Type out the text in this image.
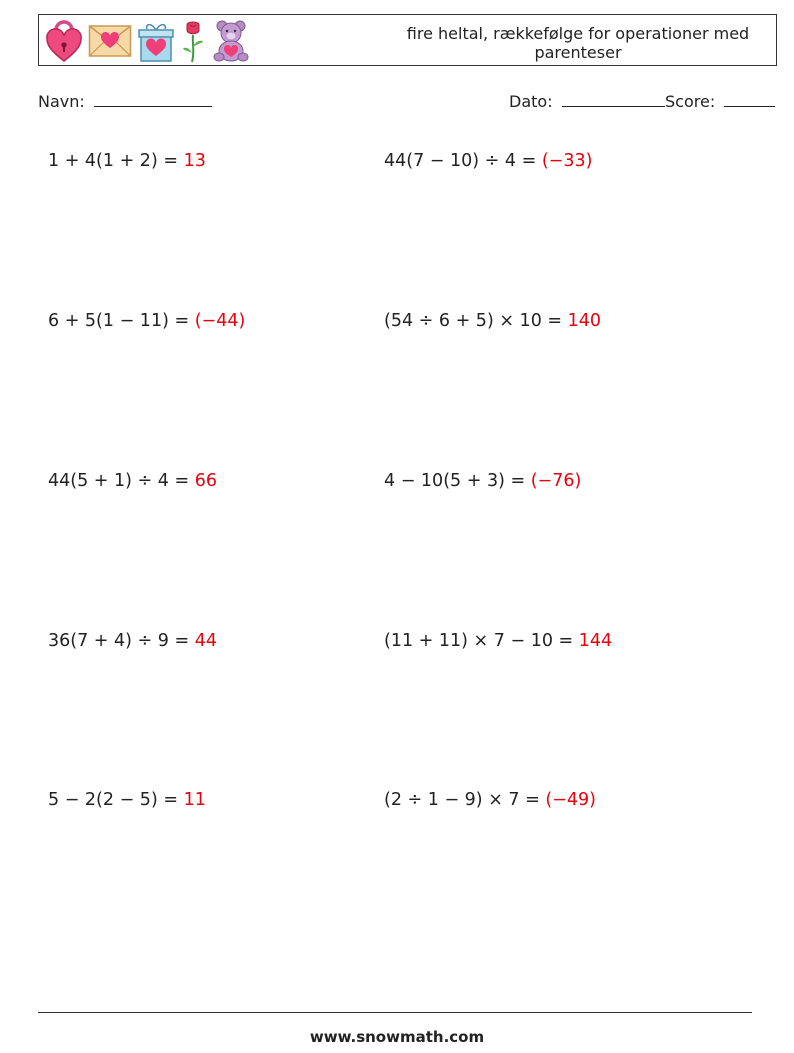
fire heltal, rækkefølge for operationer med parenteser
Navn:	Dato:	Score:
1 + 4(1 + 2) = 13	44(7 − 10) ÷ 4 = (−33)
6 + 5(1 − 11) = (−44)	(54 ÷ 6 + 5) × 10 = 140
44(5 + 1) ÷ 4 = 66	4 − 10(5 + 3) = (−76)
36(7 + 4) ÷ 9 = 44	(11 + 11) × 7 − 10 = 144
5 − 2(2 − 5) = 11	(2 ÷ 1 − 9) × 7 = (−49)
www.snowmath.com
